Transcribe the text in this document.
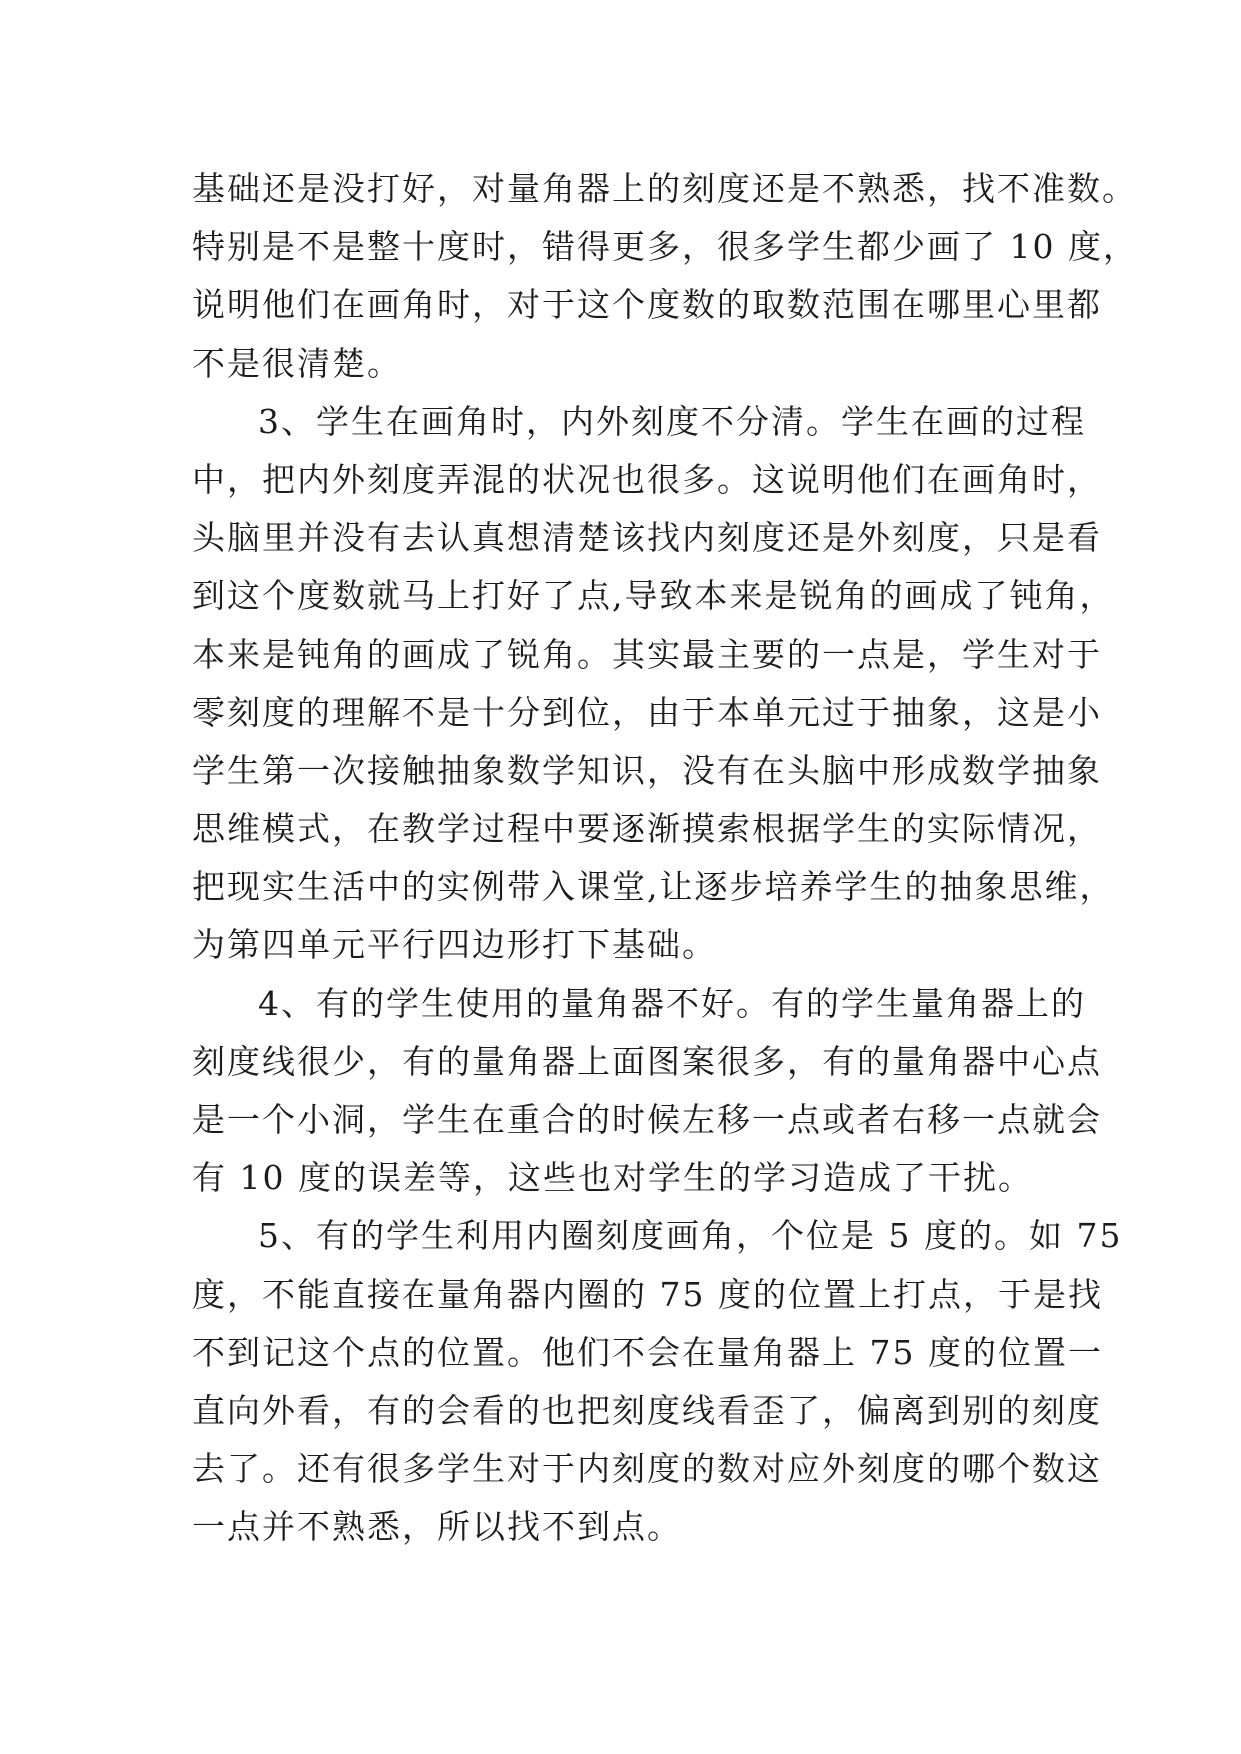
基础还是没打好，对量角器上的刻度还是不熟悉，找不准数。
特别是不是整十度时，错得更多，很多学生都少画了 10 度，
说明他们在画角时，对于这个度数的取数范围在哪里心里都
不是很清楚。
3、学生在画角时，内外刻度不分清。学生在画的过程
中，把内外刻度弄混的状况也很多。这说明他们在画角时，
头脑里并没有去认真想清楚该找内刻度还是外刻度，只是看
到这个度数就马上打好了点,导致本来是锐角的画成了钝角，
本来是钝角的画成了锐角。其实最主要的一点是，学生对于
零刻度的理解不是十分到位，由于本单元过于抽象，这是小
学生第一次接触抽象数学知识，没有在头脑中形成数学抽象
思维模式，在教学过程中要逐渐摸索根据学生的实际情况，
把现实生活中的实例带入课堂,让逐步培养学生的抽象思维，
为第四单元平行四边形打下基础。
4、有的学生使用的量角器不好。有的学生量角器上的
刻度线很少，有的量角器上面图案很多，有的量角器中心点
是一个小洞，学生在重合的时候左移一点或者右移一点就会
有 10 度的误差等，这些也对学生的学习造成了干扰。
5、有的学生利用内圈刻度画角，个位是 5 度的。如 75
度，不能直接在量角器内圈的 75 度的位置上打点，于是找
不到记这个点的位置。他们不会在量角器上 75 度的位置一
直向外看，有的会看的也把刻度线看歪了，偏离到别的刻度
去了。还有很多学生对于内刻度的数对应外刻度的哪个数这
一点并不熟悉，所以找不到点。
